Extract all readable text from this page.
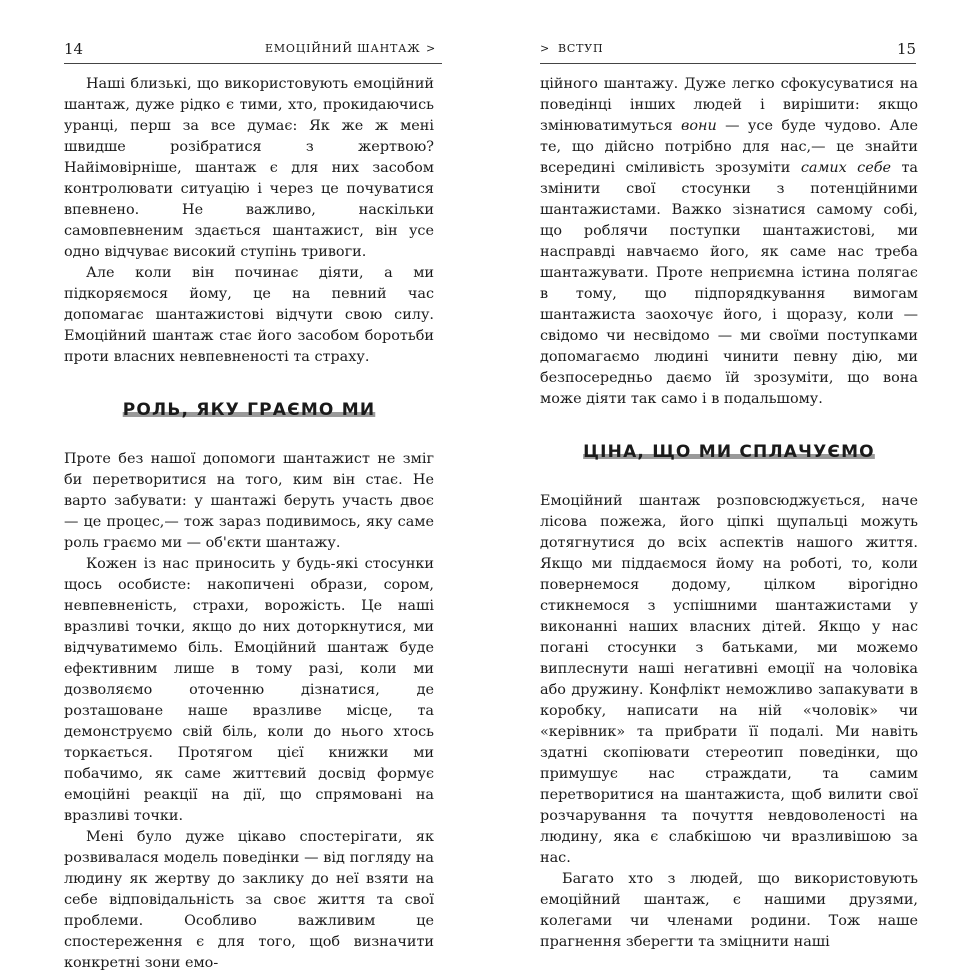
14	ЕМОЦІЙНИЙ ШАНТАЖ >

Наші близькі, що використовують емоційний шантаж, дуже рідко є тими, хто, прокидаючись уранці, перш за все думає: Як же ж мені швидше розібратися з жертвою? Найімовірніше, шантаж є для них засобом контролювати ситуацію і через це почуватися впевнено. Не важливо, наскільки самовпевненим здається шантажист, він усе одно відчуває високий ступінь тривоги.

Але коли він починає діяти, а ми підкоряємося йому, це на певний час допомагає шантажистові відчути свою силу. Емоційний шантаж стає його засобом боротьби проти власних невпевненості та страху.

РОЛЬ, ЯКУ ГРАЄМО МИ

Проте без нашої допомоги шантажист не зміг би перетворитися на того, ким він стає. Не варто забувати: у шантажі беруть участь двоє — це процес,— тож зараз подивимось, яку саме роль граємо ми — об'єкти шантажу.

Кожен із нас приносить у будь-які стосунки щось особисте: накопичені образи, сором, невпевненість, страхи, ворожість. Це наші вразливі точки, якщо до них доторкнутися, ми відчуватимемо біль. Емоційний шантаж буде ефективним лише в тому разі, коли ми дозволяємо оточенню дізнатися, де розташоване наше вразливе місце, та демонструємо свій біль, коли до нього хтось торкається. Протягом цієї книжки ми побачимо, як саме життєвий досвід формує емоційні реакції на дії, що спрямовані на вразливі точки.

Мені було дуже цікаво спостерігати, як розвивалася модель поведінки — від погляду на людину як жертву до заклику до неї взяти на себе відповідальність за своє життя та свої проблеми. Особливо важливим це спостереження є для того, щоб визначити конкретні зони емо-

> ВСТУП	15

ційного шантажу. Дуже легко сфокусуватися на поведінці інших людей і вирішити: якщо змінюватимуться вони — усе буде чудово. Але те, що дійсно потрібно для нас,— це знайти всередині сміливість зрозуміти самих себе та змінити свої стосунки з потенційними шантажистами. Важко зізнатися самому собі, що роблячи поступки шантажистові, ми насправді навчаємо його, як саме нас треба шантажувати. Проте неприємна істина полягає в тому, що підпорядкування вимогам шантажиста заохочує його, і щоразу, коли — свідомо чи несвідомо — ми своїми поступками допомагаємо людині чинити певну дію, ми безпосередньо даємо їй зрозуміти, що вона може діяти так само і в подальшому.

ЦІНА, ЩО МИ СПЛАЧУЄМО

Емоційний шантаж розповсюджується, наче лісова пожежа, його ціпкі щупальці можуть дотягнутися до всіх аспектів нашого життя. Якщо ми піддаємося йому на роботі, то, коли повернемося додому, цілком вірогідно стикнемося з успішними шантажистами у виконанні наших власних дітей. Якщо у нас погані стосунки з батьками, ми можемо виплеснути наші негативні емоції на чоловіка або дружину. Конфлікт неможливо запакувати в коробку, написати на ній «чоловік» чи «керівник» та прибрати її подалі. Ми навіть здатні скопіювати стереотип поведінки, що примушує нас страждати, та самим перетворитися на шантажиста, щоб вилити свої розчарування та почуття невдоволеності на людину, яка є слабкішою чи вразливішою за нас.

Багато хто з людей, що використовують емоційний шантаж, є нашими друзями, колегами чи членами родини. Тож наше прагнення зберегти та зміцнити наші
